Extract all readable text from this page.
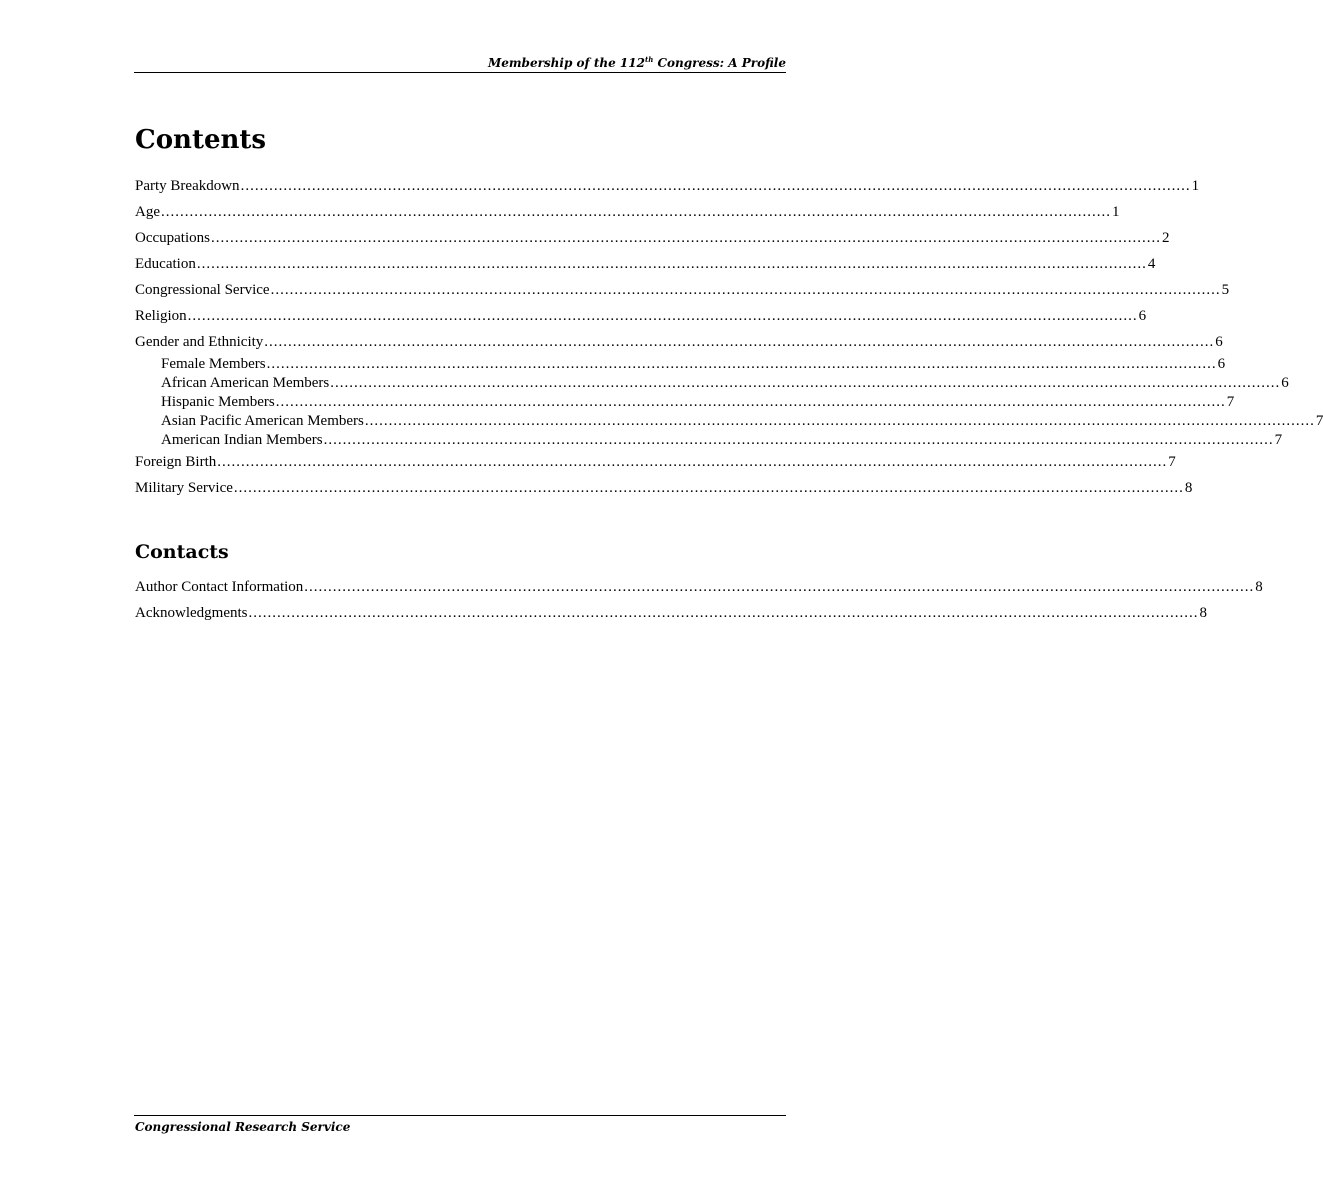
Membership of the 112th Congress: A Profile
Contents
Party Breakdown ........................................................................................................................................................................................................ 1
Age ........................................................................................................................................................................................................ 1
Occupations ........................................................................................................................................................................................................ 2
Education ........................................................................................................................................................................................................ 4
Congressional Service ........................................................................................................................................................................................................ 5
Religion ........................................................................................................................................................................................................ 6
Gender and Ethnicity ........................................................................................................................................................................................................ 6
Female Members ........................................................................................................................................................................................................ 6
African American Members ........................................................................................................................................................................................................ 6
Hispanic Members ........................................................................................................................................................................................................ 7
Asian Pacific American Members ........................................................................................................................................................................................................ 7
American Indian Members ........................................................................................................................................................................................................ 7
Foreign Birth ........................................................................................................................................................................................................ 7
Military Service ........................................................................................................................................................................................................ 8
Contacts
Author Contact Information ........................................................................................................................................................................................................ 8
Acknowledgments ........................................................................................................................................................................................................ 8
Congressional Research Service
